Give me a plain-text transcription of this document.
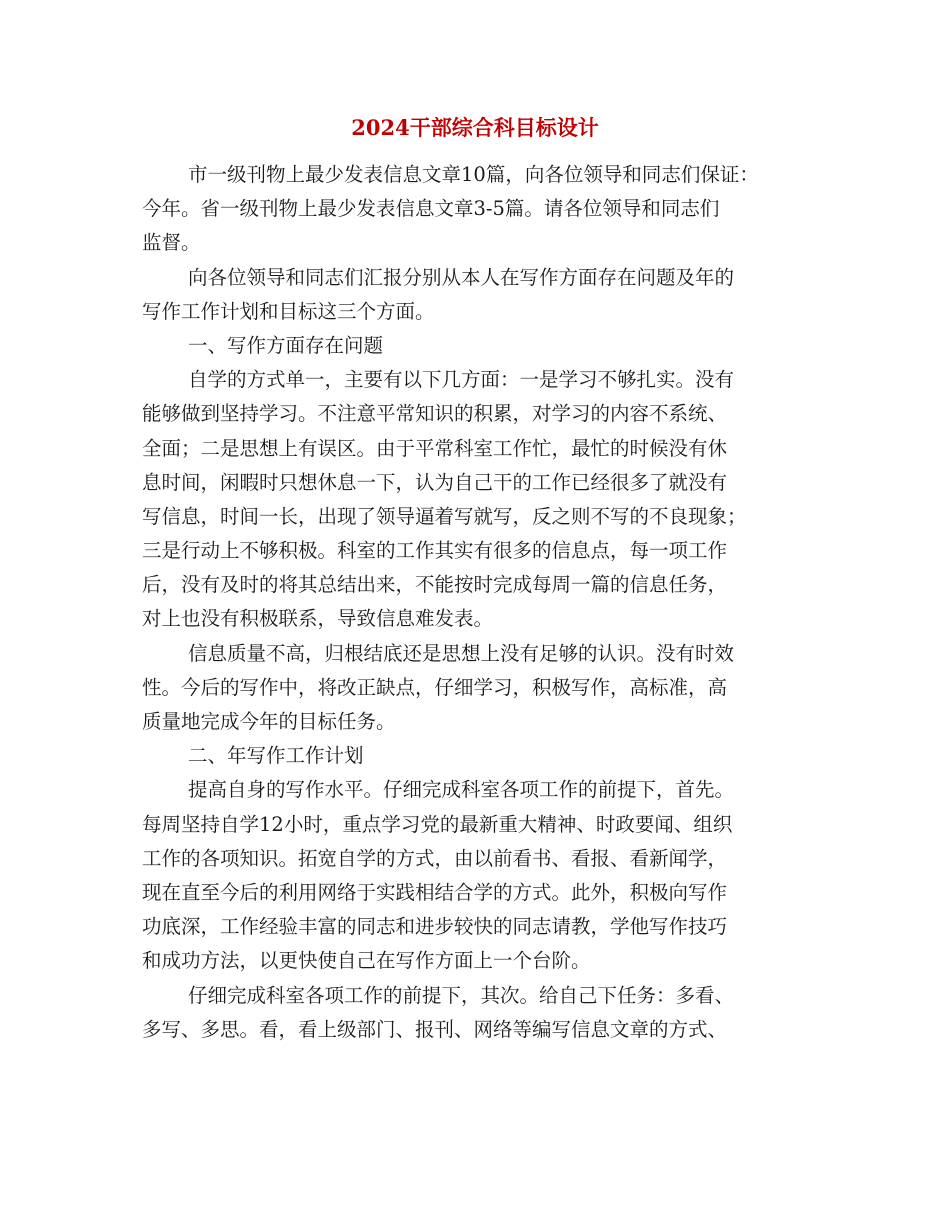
2024干部综合科目标设计
市一级刊物上最少发表信息文章10篇，向各位领导和同志们保证：
今年。省一级刊物上最少发表信息文章3-5篇。请各位领导和同志们
监督。
向各位领导和同志们汇报分别从本人在写作方面存在问题及年的
写作工作计划和目标这三个方面。
一、写作方面存在问题
自学的方式单一，主要有以下几方面：一是学习不够扎实。没有
能够做到坚持学习。不注意平常知识的积累，对学习的内容不系统、
全面；二是思想上有误区。由于平常科室工作忙，最忙的时候没有休
息时间，闲暇时只想休息一下，认为自己干的工作已经很多了就没有
写信息，时间一长，出现了领导逼着写就写，反之则不写的不良现象；
三是行动上不够积极。科室的工作其实有很多的信息点，每一项工作
后，没有及时的将其总结出来，不能按时完成每周一篇的信息任务，
对上也没有积极联系，导致信息难发表。
信息质量不高，归根结底还是思想上没有足够的认识。没有时效
性。今后的写作中，将改正缺点，仔细学习，积极写作，高标准，高
质量地完成今年的目标任务。
二、年写作工作计划
提高自身的写作水平。仔细完成科室各项工作的前提下，首先。
每周坚持自学12小时，重点学习党的最新重大精神、时政要闻、组织
工作的各项知识。拓宽自学的方式，由以前看书、看报、看新闻学，
现在直至今后的利用网络于实践相结合学的方式。此外，积极向写作
功底深，工作经验丰富的同志和进步较快的同志请教，学他写作技巧
和成功方法，以更快使自己在写作方面上一个台阶。
仔细完成科室各项工作的前提下，其次。给自己下任务：多看、
多写、多思。看，看上级部门、报刊、网络等编写信息文章的方式、
